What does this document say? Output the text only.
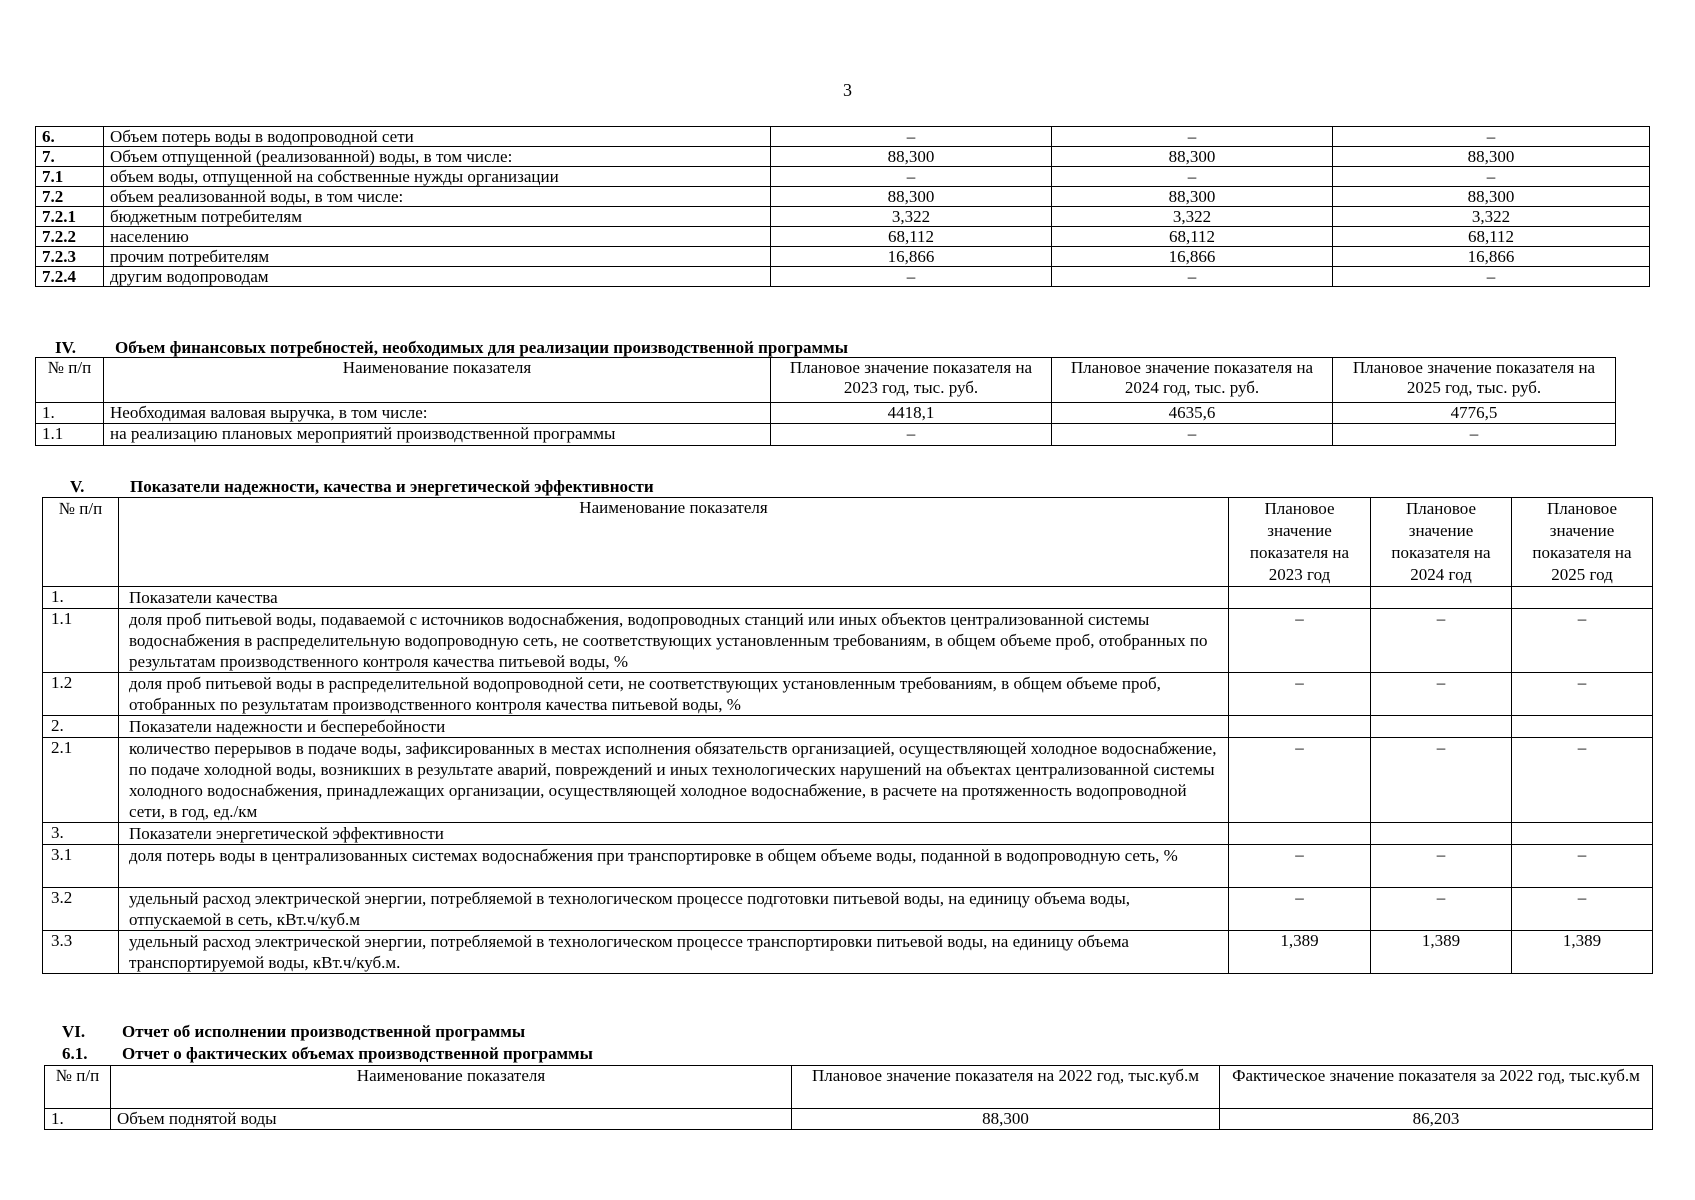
3
6.	Объем потерь воды в водопроводной сети	–	–	–
7.	Объем отпущенной (реализованной) воды, в том числе:	88,300	88,300	88,300
7.1	объем воды, отпущенной на собственные нужды организации	–	–	–
7.2	объем реализованной воды, в том числе:	88,300	88,300	88,300
7.2.1	бюджетным потребителям	3,322	3,322	3,322
7.2.2	населению	68,112	68,112	68,112
7.2.3	прочим потребителям	16,866	16,866	16,866
7.2.4	другим водопроводам	–	–	–
IV. Объем финансовых потребностей, необходимых для реализации производственной программы
№ п/п	Наименование показателя	Плановое значение показателя на 2023 год, тыс. руб.	Плановое значение показателя на 2024 год, тыс. руб.	Плановое значение показателя на 2025 год, тыс. руб.
1.	Необходимая валовая выручка, в том числе:	4418,1	4635,6	4776,5
1.1	на реализацию плановых мероприятий производственной программы	–	–	–
V.	Показатели надежности, качества и энергетической эффективности
№ п/п	Наименование показателя	Плановое значение показателя на 2023 год	Плановое значение показателя на 2024 год	Плановое значение показателя на 2025 год
1.	Показатели качества			
1.1	доля проб питьевой воды, подаваемой с источников водоснабжения, водопроводных станций или иных объектов централизованной системы водоснабжения в распределительную водопроводную сеть, не соответствующих установленным требованиям, в общем объеме проб, отобранных по результатам производственного контроля качества питьевой воды, %	–	–	–
1.2	доля проб питьевой воды в распределительной водопроводной сети, не соответствующих установленным требованиям, в общем объеме проб, отобранных по результатам производственного контроля качества питьевой воды, %	–	–	–
2.	Показатели надежности и бесперебойности			
2.1	количество перерывов в подаче воды, зафиксированных в местах исполнения обязательств организацией, осуществляющей холодное водоснабжение, по подаче холодной воды, возникших в результате аварий, повреждений и иных технологических нарушений на объектах централизованной системы холодного водоснабжения, принадлежащих организации, осуществляющей холодное водоснабжение, в расчете на протяженность водопроводной сети, в год, ед./км	–	–	–
3.	Показатели энергетической эффективности			
3.1	доля потерь воды в централизованных системах водоснабжения при транспортировке в общем объеме воды, поданной в водопроводную сеть, %	–	–	–
3.2	удельный расход электрической энергии, потребляемой в технологическом процессе подготовки питьевой воды, на единицу объема воды, отпускаемой в сеть, кВт.ч/куб.м	–	–	–
3.3	удельный расход электрической энергии, потребляемой в технологическом процессе транспортировки питьевой воды, на единицу объема транспортируемой воды, кВт.ч/куб.м.	1,389	1,389	1,389
VI. Отчет об исполнении производственной программы
6.1. Отчет о фактических объемах производственной программы
№ п/п	Наименование показателя	Плановое значение показателя на 2022 год, тыс.куб.м	Фактическое значение показателя за 2022 год, тыс.куб.м
1.	Объем поднятой воды	88,300	86,203
